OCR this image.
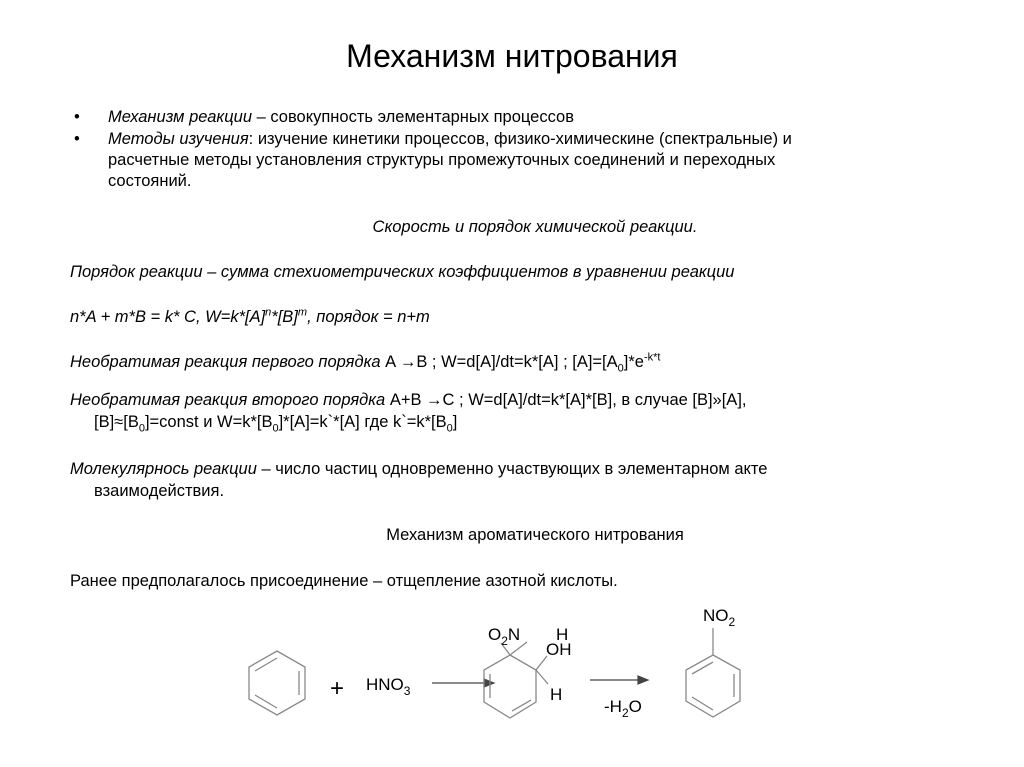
Механизм нитрования
• Механизм реакции – совокупность элементарных процессов
• Методы изучения: изучение кинетики процессов, физико-химическине (спектральные) и
расчетные методы установления структуры промежуточных соединений и переходных
состояний.
Скорость и порядок химической реакции.
Порядок реакции – сумма стехиометрических коэффициентов в уравнении реакции
n*A + m*B = k* C, $W=k*[A]^n*[B]^m$, порядок = n+m
Необратимая реакция первого порядка A →B ; W=d[A]/dt=k*[A] ; $[A]=[A_0]*e^{-k*t}$
Необратимая реакция второго порядка A+B →C ; W=d[A]/dt=k*[A]*[B], в случае [B]»[A],
$[B]\approx[B_0]=const$ и $W=k*[B_0]*[A]=k`*[A]$ где $k`=k*[B_0]$
Молекулярнось реакции – число частиц одновременно участвующих в элементарном акте
взаимодействия.
Механизм ароматического нитрования
Ранее предполагалось присоединение – отщепление азотной кислоты.
+ $HNO_3$
$O_2N$ H
OH
H
$-H_2O$
$NO_2$
